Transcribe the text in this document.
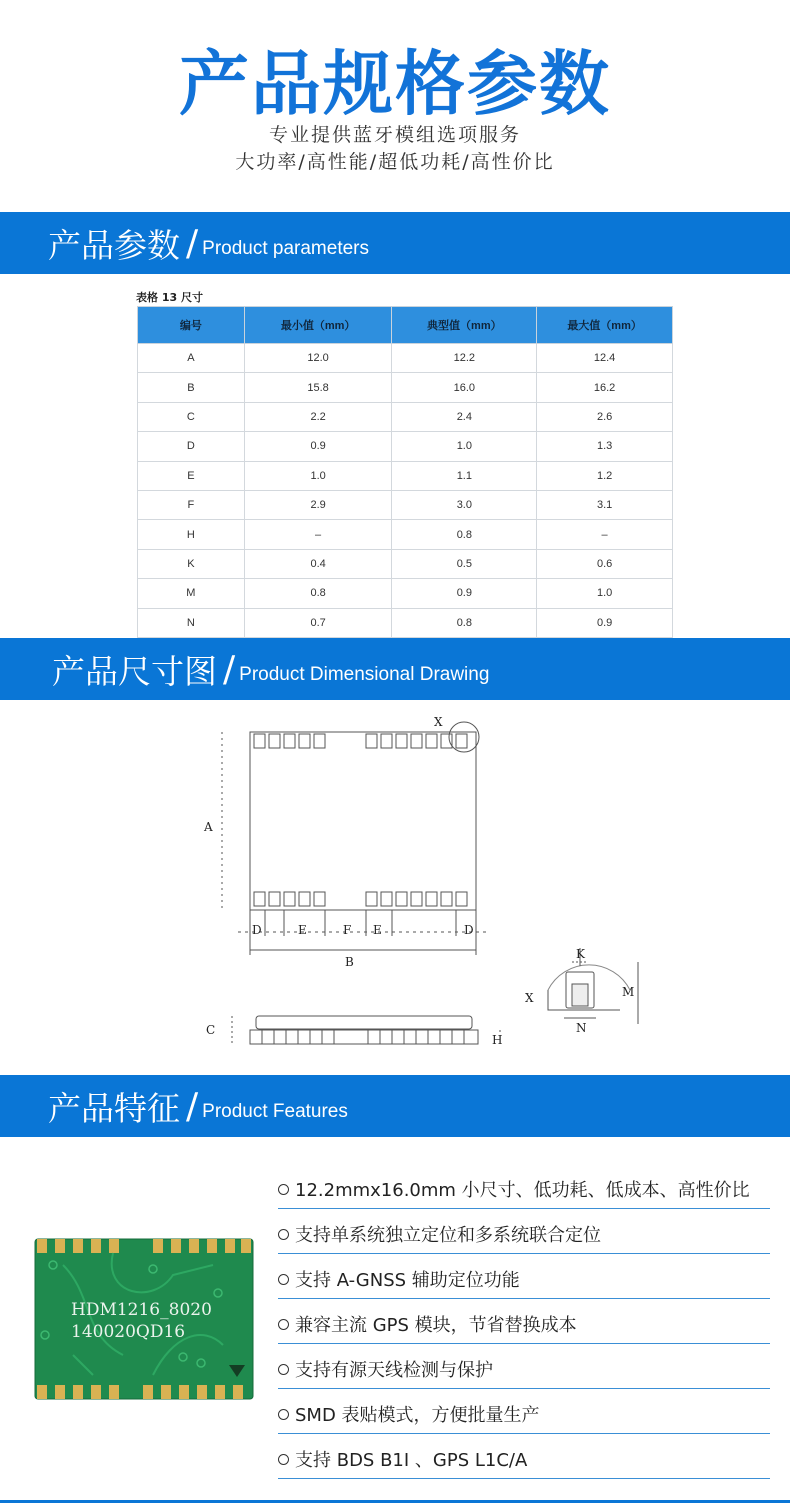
产品规格参数
专业提供蓝牙模组选项服务
大功率/高性能/超低功耗/高性价比
产品参数 / Product parameters
表格 13 尺寸
编号	最小值（mm）	典型值（mm）	最大值（mm）
A	12.0	12.2	12.4
B	15.8	16.0	16.2
C	2.2	2.4	2.6
D	0.9	1.0	1.3
E	1.0	1.1	1.2
F	2.9	3.0	3.1
H	–	0.8	–
K	0.4	0.5	0.6
M	0.8	0.9	1.0
N	0.7	0.8	0.9
产品尺寸图 / Product Dimensional Drawing
X
A
D	E	F E	D
B
C
H
X
K
M
N
产品特征 / Product Features
HDM1216_8020
140020QD16
12.2mmx16.0mm 小尺寸、低功耗、低成本、高性价比
支持单系统独立定位和多系统联合定位
支持 A-GNSS 辅助定位功能
兼容主流 GPS 模块，节省替换成本
支持有源天线检测与保护
SMD 表贴模式，方便批量生产
支持 BDS B1I 、GPS L1C/A
